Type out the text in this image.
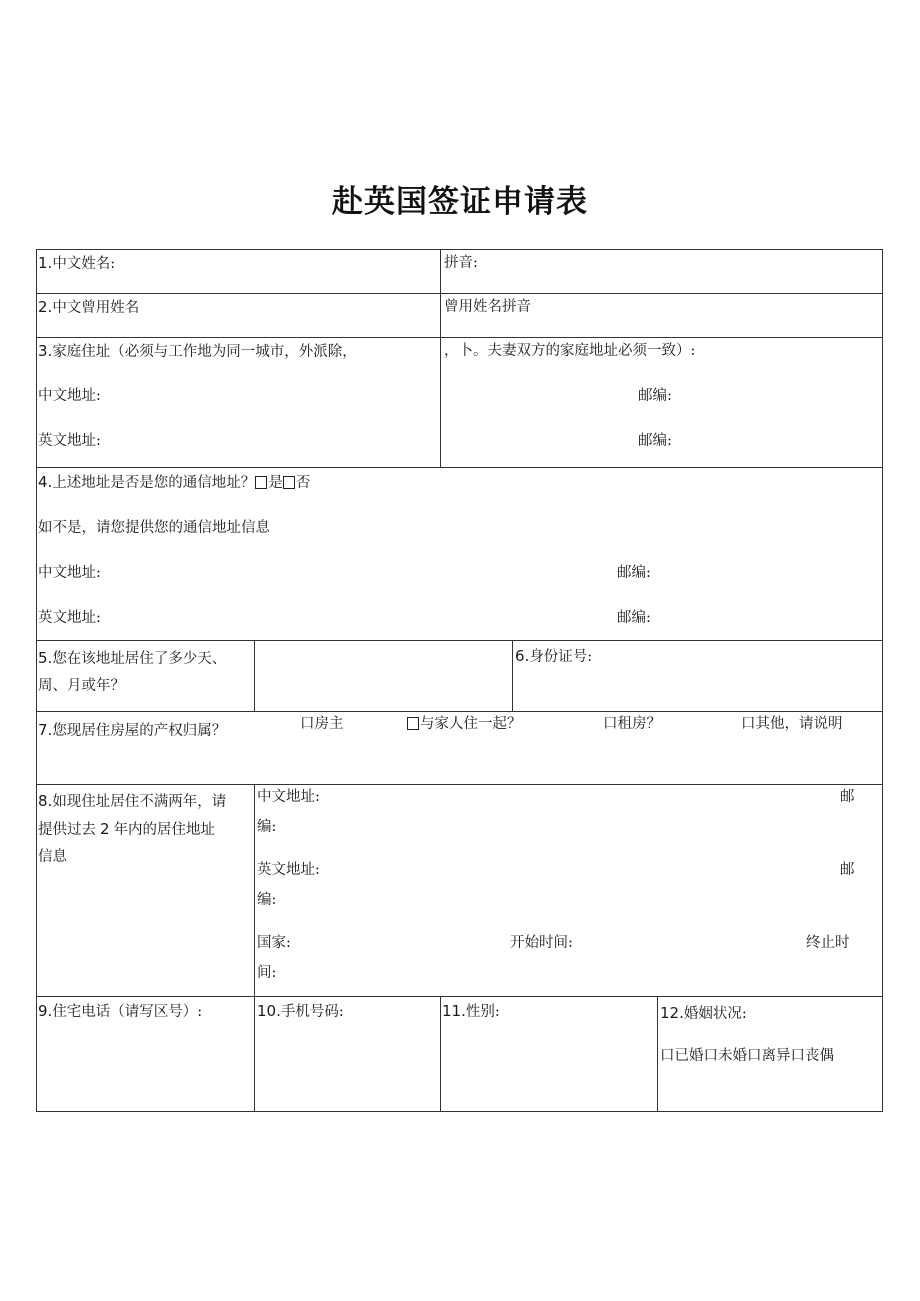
赴英国签证申请表
1.中文姓名:	拼音:
2.中文曾用姓名	曾用姓名拼音
3.家庭住址（必须与工作地为同一城市，外派除，	，卜。夫妻双方的家庭地址必须一致）:
中文地址:	邮编:
英文地址:	邮编:
4.上述地址是否是您的通信地址？ 是 否
如不是，请您提供您的通信地址信息
中文地址:	邮编:
英文地址:	邮编:
5.您在该地址居住了多少天、
周、月或年？
6.身份证号:
7.您现居住房屋的产权归属？	口房主	与家人住一起？	口租房？	口其他，请说明
8.如现住址居住不满两年，请
提供过去 2 年内的居住地址
信息
中文地址:	邮
编:
英文地址:	邮
编:
国家:	开始时间:	终止时
间:
9.住宅电话（请写区号）:	10.手机号码:	11.性别:	12.婚姻状况:
口已婚口未婚口离异口丧偶
